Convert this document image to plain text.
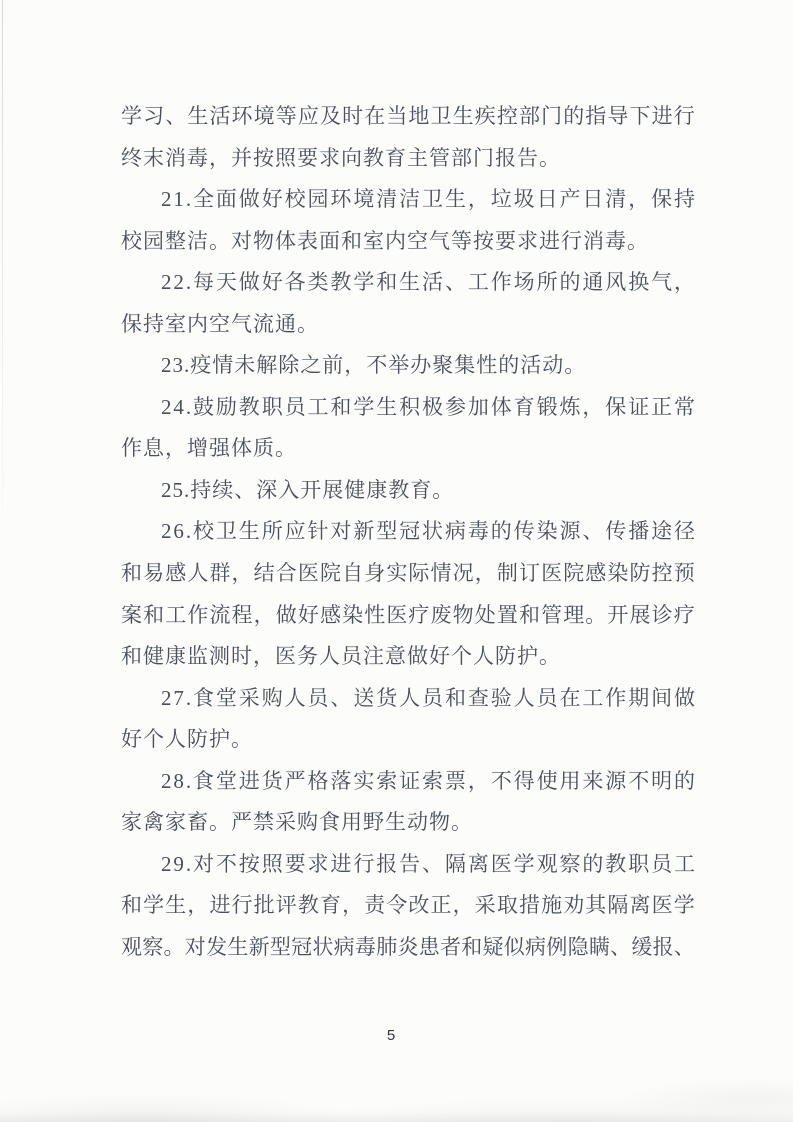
学 习 、 生 活 环 境 等 应 及 时 在 当 地 卫 生 疾 控 部 门 的 指 导 下 进 行
终末消毒，并按照要求向教育主管部门报告。
2 1 . 全 面 做 好 校 园 环 境 清 洁 卫 生 ， 垃 圾 日 产 日 清 ， 保 持
校园整洁。对物体表面和室内空气等按要求进行消毒。
2 2 . 每 天 做 好 各 类 教 学 和 生 活 、 工 作 场 所 的 通 风 换 气 ，
保持室内空气流通。
23.疫情未解除之前，不举办聚集性的活动。
2 4 . 鼓 励 教 职 员 工 和 学 生 积 极 参 加 体 育 锻 炼 ， 保 证 正 常
作息，增强体质。
25.持续、深入开展健康教育。
2 6 . 校 卫 生 所 应 针 对 新 型 冠 状 病 毒 的 传 染 源 、 传 播 途 径
和 易 感 人 群 ， 结 合 医 院 自 身 实 际 情 况 ， 制 订 医 院 感 染 防 控 预
案 和 工 作 流 程 ， 做 好 感 染 性 医 疗 废 物 处 置 和 管 理 。 开 展 诊 疗
和健康监测时，医务人员注意做好个人防护。
2 7 . 食 堂 采 购 人 员 、 送 货 人 员 和 查 验 人 员 在 工 作 期 间 做
好个人防护。
2 8 . 食 堂 进 货 严 格 落 实 索 证 索 票 ， 不 得 使 用 来 源 不 明 的
家禽家畜。严禁采购食用野生动物。
2 9 . 对 不 按 照 要 求 进 行 报 告 、 隔 离 医 学 观 察 的 教 职 员 工
和 学 生 ， 进 行 批 评 教 育 ， 责 令 改 正 ， 采 取 措 施 劝 其 隔 离 医 学
观 察 。 对 发 生 新 型 冠 状 病 毒 肺 炎 患 者 和 疑 似 病 例 隐 瞒 、 缓 报 、
5
